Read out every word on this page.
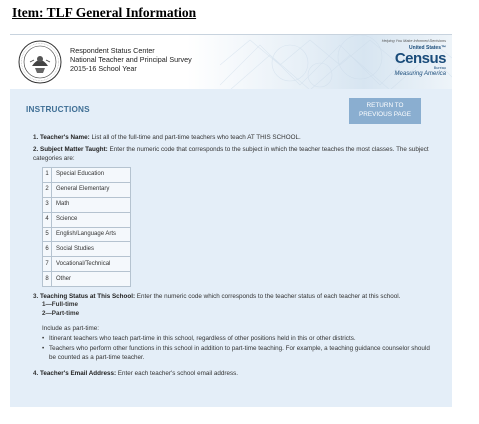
Item: TLF General Information
Respondent Status Center
National Teacher and Principal Survey
2015-16 School Year
Helping You Make Informed Decisions
United States™
Census
Bureau
Measuring America
INSTRUCTIONS	RETURN TO
PREVIOUS PAGE
1. Teacher's Name: List all of the full-time and part-time teachers who teach AT THIS SCHOOL.
2. Subject Matter Taught: Enter the numeric code that corresponds to the subject in which the teacher teaches the most classes. The subject categories are:
1	Special Education
2	General Elementary
3	Math
4	Science
5	English/Language Arts
6	Social Studies
7	Vocational/Technical
8	Other
3. Teaching Status at This School: Enter the numeric code which corresponds to the teacher status of each teacher at this school.
1—Full-time
2—Part-time
Include as part-time:
• Itinerant teachers who teach part-time in this school, regardless of other positions held in this or other districts.
• Teachers who perform other functions in this school in addition to part-time teaching. For example, a teaching guidance counselor should be counted as a part-time teacher.
4. Teacher's Email Address: Enter each teacher's school email address.
